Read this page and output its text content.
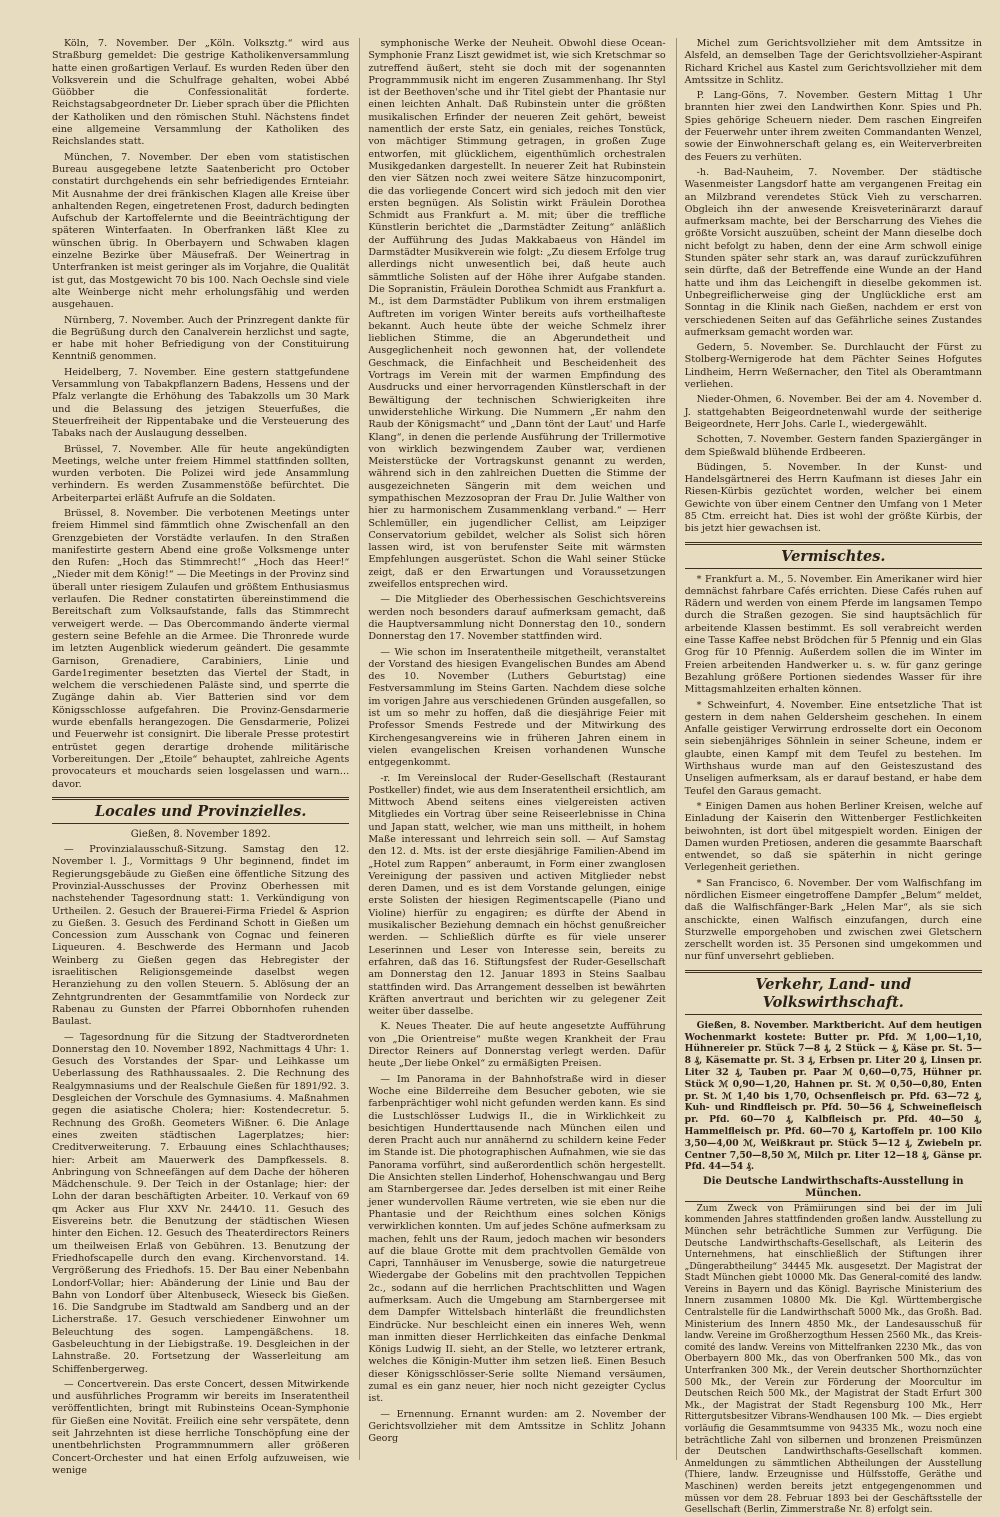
Köln, 7. November. Der „Köln. Volksztg.“ wird aus Straßburg gemeldet: Die gestrige Katholikenversammlung hatte einen großartigen Verlauf. Es wurden Reden über den Volksverein und die Schulfrage gehalten, wobei Abbé Güöbber die Confessionalität forderte. Reichstagsabgeordneter Dr. Lieber sprach über die Pflichten der Katholiken und den römischen Stuhl. Nächstens findet eine allgemeine Versammlung der Katholiken des Reichslandes statt.

München, 7. November. Der eben vom statistischen Bureau ausgegebene letzte Saatenbericht pro October constatirt durchgehends ein sehr befriedigendes Ernteiahr. Mit Ausnahme der drei fränkischen Klagen alle Kreise über anhaltenden Regen, eingetretenen Frost, dadurch bedingten Aufschub der Kartoffelernte und die Beeinträchtigung der späteren Winterfaaten. In Oberfranken läßt Klee zu wünschen übrig. In Oberbayern und Schwaben klagen einzelne Bezirke über Mäusefraß. Der Weinertrag in Unterfranken ist meist geringer als im Vorjahre, die Qualität ist gut, das Mostgewicht 70 bis 100. Nach Oechsle sind viele alte Weinberge nicht mehr erholungsfähig und werden ausgehauen.

Nürnberg, 7. November. Auch der Prinzregent dankte für die Begrüßung durch den Canalverein herzlichst und sagte, er habe mit hoher Befriedigung von der Constituirung Kenntniß genommen.

Heidelberg, 7. November. Eine gestern stattgefundene Versammlung von Tabakpflanzern Badens, Hessens und der Pfalz verlangte die Erhöhung des Tabakzolls um 30 Mark und die Belassung des jetzigen Steuerfußes, die Steuerfreiheit der Rippentabake und die Versteuerung des Tabaks nach der Auslaugung desselben.

Brüssel, 7. November. Alle für heute angekündigten Meetings, welche unter freiem Himmel stattfinden sollten, wurden verboten. Die Polizei wird jede Ansammlung verhindern. Es werden Zusammenstöße befürchtet. Die Arbeiterpartei erläßt Aufrufe an die Soldaten.

Brüssel, 8. November. Die verbotenen Meetings unter freiem Himmel sind fämmtlich ohne Zwischenfall an den Grenzgebieten der Vorstädte verlaufen. In den Straßen manifestirte gestern Abend eine große Volksmenge unter den Rufen: „Hoch das Stimmrecht!“ „Hoch das Heer!“ „Nieder mit dem König!“ — Die Meetings in der Provinz sind überall unter riesigem Zulaufen und größtem Enthusiasmus verlaufen. Die Redner constatirten übereinstimmend die Bereitschaft zum Volksaufstande, falls das Stimmrecht verweigert werde. — Das Obercommando änderte viermal gestern seine Befehle an die Armee. Die Thronrede wurde im letzten Augenblick wiederum geändert. Die gesammte Garnison, Grenadiere, Carabiniers, Linie und Garde1regimenter besetzten das Viertel der Stadt, in welchem die verschiedenen Paläste sind, und sperrte die Zugänge dahin ab. Vier Batterien sind vor dem Königsschlosse aufgefahren. Die Provinz-Gensdarmerie wurde ebenfalls herangezogen. Die Gensdarmerie, Polizei und Feuerwehr ist consignirt. Die liberale Presse protestirt entrüstet gegen derartige drohende militärische Vorbereitungen. Der „Etoile“ behauptet, zahlreiche Agents provocateurs et mouchards seien losgelassen und warn… davor.

Locales und Provinzielles.
Gießen, 8. November 1892.

— Provinzialausschuß-Sitzung. Samstag den 12. November l. J., Vormittags 9 Uhr beginnend, findet im Regierungsgebäude zu Gießen eine öffentliche Sitzung des Provinzial-Ausschusses der Provinz Oberhessen mit nachstehender Tagesordnung statt: 1. Verkündigung von Urtheilen. 2. Gesuch der Brauerei-Firma Friedel & Asprion zu Gießen. 3. Gesuch des Ferdinand Schott in Gießen um Concession zum Ausschank von Cognac und feineren Liqueuren. 4. Beschwerde des Hermann und Jacob Weinberg zu Gießen gegen das Hebregister der israelitischen Religionsgemeinde daselbst wegen Heranziehung zu den vollen Steuern. 5. Ablösung der an Zehntgrundrenten der Gesammtfamilie von Nordeck zur Rabenau zu Gunsten der Pfarrei Obbornhofen ruhenden Baulast.

— Tagesordnung für die Sitzung der Stadtverordneten Donnerstag den 10. November 1892, Nachmittags 4 Uhr: 1. Gesuch des Vorstandes der Spar- und Leihkasse um Ueberlassung des Rathhaussaales. 2. Die Rechnung des Realgymnasiums und der Realschule Gießen für 1891/92. 3. Desgleichen der Vorschule des Gymnasiums. 4. Maßnahmen gegen die asiatische Cholera; hier: Kostendecretur. 5. Rechnung des Großh. Geometers Wißner. 6. Die Anlage eines zweiten städtischen Lagerplatzes; hier: Creditverweiterung. 7. Erbauung eines Schlachthauses; hier: Arbeit am Mauerwerk des Dampfkessels. 8. Anbringung von Schneefängen auf dem Dache der höheren Mädchenschule. 9. Der Teich in der Ostanlage; hier: der Lohn der daran beschäftigten Arbeiter. 10. Verkauf von 69 qm Acker aus Flur XXV Nr. 244⁄10. 11. Gesuch des Eisvereins betr. die Benutzung der städtischen Wiesen hinter den Eichen. 12. Gesuch des Theaterdirectors Reiners um theilweisen Erlaß von Gebühren. 13. Benutzung der Friedhofscapelle durch den evang. Kirchenvorstand. 14. Vergrößerung des Friedhofs. 15. Der Bau einer Nebenbahn Londorf-Vollar; hier: Abänderung der Linie und Bau der Bahn von Londorf über Altenbuseck, Wieseck bis Gießen. 16. Die Sandgrube im Stadtwald am Sandberg und an der Licherstraße. 17. Gesuch verschiedener Einwohner um Beleuchtung des sogen. Lampengäßchens. 18. Gasbeleuchtung in der Liebigstraße. 19. Desgleichen in der Lahnstraße. 20. Fortsetzung der Wasserleitung am Schiffenbergerweg.

— Concertverein. Das erste Concert, dessen Mitwirkende und ausführliches Programm wir bereits im Inseratentheil veröffentlichten, bringt mit Rubinsteins Ocean-Symphonie für Gießen eine Novität. Freilich eine sehr verspätete, denn seit Jahrzehnten ist diese herrliche Tonschöpfung eine der unentbehrlichsten Programmnummern aller größeren Concert-Orchester und hat einen Erfolg aufzuweisen, wie wenige

symphonische Werke der Neuheit. Obwohl diese Ocean-Symphonie Franz Liszt gewidmet ist, wie sich Kretschmar so zutreffend äußert, steht sie doch mit der sogenannten Programmmusik nicht im engeren Zusammenhang. Ihr Styl ist der Beethoven'sche und ihr Titel giebt der Phantasie nur einen leichten Anhalt. Daß Rubinstein unter die größten musikalischen Erfinder der neueren Zeit gehört, beweist namentlich der erste Satz, ein geniales, reiches Tonstück, von mächtiger Stimmung getragen, in großen Zuge entworfen, mit glücklichem, eigenthümlich orchestralen Musikgedanken dargestellt. In neuerer Zeit hat Rubinstein den vier Sätzen noch zwei weitere Sätze hinzucomponirt, die das vorliegende Concert wird sich jedoch mit den vier ersten begnügen. Als Solistin wirkt Fräulein Dorothea Schmidt aus Frankfurt a. M. mit; über die treffliche Künstlerin berichtet die „Darmstädter Zeitung“ anläßlich der Aufführung des Judas Makkabaeus von Händel im Darmstädter Musikverein wie folgt: „Zu diesem Erfolge trug allerdings nicht unwesentlich bei, daß heute auch sämmtliche Solisten auf der Höhe ihrer Aufgabe standen. Die Sopranistin, Fräulein Dorothea Schmidt aus Frankfurt a. M., ist dem Darmstädter Publikum von ihrem erstmaligen Auftreten im vorigen Winter bereits aufs vortheilhafteste bekannt. Auch heute übte der weiche Schmelz ihrer lieblichen Stimme, die an Abgerundetheit und Ausgeglichenheit noch gewonnen hat, der vollendete Geschmack, die Einfachheit und Bescheidenheit des Vortrags im Verein mit der warmen Empfindung des Ausdrucks und einer hervorragenden Künstlerschaft in der Bewältigung der technischen Schwierigkeiten ihre unwiderstehliche Wirkung. Die Nummern „Er nahm den Raub der Königsmacht“ und „Dann tönt der Laut' und Harfe Klang“, in denen die perlende Ausführung der Trillermotive von wirklich bezwingendem Zauber war, verdienen Meisterstücke der Vortragskunst genannt zu werden, während sich in den zahlreichen Duetten die Stimme der ausgezeichneten Sängerin mit dem weichen und sympathischen Mezzosopran der Frau Dr. Julie Walther von hier zu harmonischem Zusammenklang verband.“ — Herr Schlemüller, ein jugendlicher Cellist, am Leipziger Conservatorium gebildet, welcher als Solist sich hören lassen wird, ist von berufenster Seite mit wärmsten Empfehlungen ausgerüstet. Schon die Wahl seiner Stücke zeigt, daß er den Erwartungen und Voraussetzungen zweifellos entsprechen wird.

— Die Mitglieder des Oberhessischen Geschichtsvereins werden noch besonders darauf aufmerksam gemacht, daß die Hauptversammlung nicht Donnerstag den 10., sondern Donnerstag den 17. November stattfinden wird.

— Wie schon im Inseratentheile mitgetheilt, veranstaltet der Vorstand des hiesigen Evangelischen Bundes am Abend des 10. November (Luthers Geburtstag) eine Festversammlung im Steins Garten. Nachdem diese solche im vorigen Jahre aus verschiedenen Gründen ausgefallen, so ist um so mehr zu hoffen, daß die diesjährige Feier mit Professor Smends Festrede und der Mitwirkung des Kirchengesangvereins wie in früheren Jahren einem in vielen evangelischen Kreisen vorhandenen Wunsche entgegenkommt.

-r. Im Vereinslocal der Ruder-Gesellschaft (Restaurant Postkeller) findet, wie aus dem Inseratentheil ersichtlich, am Mittwoch Abend seitens eines vielgereisten activen Mitgliedes ein Vortrag über seine Reiseerlebnisse in China und Japan statt, welcher, wie man uns mittheilt, in hohem Maße interessant und lehrreich sein soll. — Auf Samstag den 12. d. Mts. ist der erste diesjährige Familien-Abend im „Hotel zum Rappen“ anberaumt, in Form einer zwanglosen Vereinigung der passiven und activen Mitglieder nebst deren Damen, und es ist dem Vorstande gelungen, einige erste Solisten der hiesigen Regimentscapelle (Piano und Violine) hierfür zu engagiren; es dürfte der Abend in musikalischer Beziehung demnach ein höchst genußreicher werden. — Schließlich dürfte es für viele unserer Leserinnen und Leser von Interesse sein, bereits zu erfahren, daß das 16. Stiftungsfest der Ruder-Gesellschaft am Donnerstag den 12. Januar 1893 in Steins Saalbau stattfinden wird. Das Arrangement desselben ist bewährten Kräften anvertraut und berichten wir zu gelegener Zeit weiter über dasselbe.

K. Neues Theater. Die auf heute angesetzte Aufführung von „Die Orientreise“ mußte wegen Krankheit der Frau Director Reiners auf Donnerstag verlegt werden. Dafür heute „Der liebe Onkel“ zu ermäßigten Preisen.

— Im Panorama in der Bahnhofstraße wird in dieser Woche eine Bilderreihe dem Besucher geboten, wie sie farbenprächtiger wohl nicht gefunden werden kann. Es sind die Lustschlösser Ludwigs II., die in Wirklichkeit zu besichtigen Hunderttausende nach München eilen und deren Pracht auch nur annähernd zu schildern keine Feder im Stande ist. Die photographischen Aufnahmen, wie sie das Panorama vorführt, sind außerordentlich schön hergestellt. Die Ansichten stellen Linderhof, Hohenschwangau und Berg am Starnbergersee dar. Jedes derselben ist mit einer Reihe jener wundervollen Räume vertreten, wie sie eben nur die Phantasie und der Reichthum eines solchen Königs verwirklichen konnten. Um auf jedes Schöne aufmerksam zu machen, fehlt uns der Raum, jedoch machen wir besonders auf die blaue Grotte mit dem prachtvollen Gemälde von Capri, Tannhäuser im Venusberge, sowie die naturgetreue Wiedergabe der Gobelins mit den prachtvollen Teppichen 2c., sodann auf die herrlichen Prachtschlitten und Wagen aufmerksam. Auch die Umgebung am Starnbergersee mit dem Dampfer Wittelsbach hinterläßt die freundlichsten Eindrücke. Nur beschleicht einen ein inneres Weh, wenn man inmitten dieser Herrlichkeiten das einfache Denkmal Königs Ludwig II. sieht, an der Stelle, wo letzterer ertrank, welches die Königin-Mutter ihm setzen ließ. Einen Besuch dieser Königsschlösser-Serie sollte Niemand versäumen, zumal es ein ganz neuer, hier noch nicht gezeigter Cyclus ist.

— Ernennung. Ernannt wurden: am 2. November der Gerichtsvollzieher mit dem Amtssitze in Schlitz Johann Georg

Michel zum Gerichtsvollzieher mit dem Amtssitze in Alsfeld, an demselben Tage der Gerichtsvollzieher-Aspirant Richard Krichel aus Kastel zum Gerichtsvollzieher mit dem Amtssitze in Schlitz.

P. Lang-Göns, 7. November. Gestern Mittag 1 Uhr brannten hier zwei den Landwirthen Konr. Spies und Ph. Spies gehörige Scheuern nieder. Dem raschen Eingreifen der Feuerwehr unter ihrem zweiten Commandanten Wenzel, sowie der Einwohnerschaft gelang es, ein Weiterverbreiten des Feuers zu verhüten.

-h. Bad-Nauheim, 7. November. Der städtische Wasenmeister Langsdorf hatte am vergangenen Freitag ein an Milzbrand verendetes Stück Vieh zu verscharren. Obgleich ihn der anwesende Kreisveterinärarzt darauf aufmerksam machte, bei der Berscharrung des Viehes die größte Vorsicht auszuüben, scheint der Mann dieselbe doch nicht befolgt zu haben, denn der eine Arm schwoll einige Stunden später sehr stark an, was darauf zurückzuführen sein dürfte, daß der Betreffende eine Wunde an der Hand hatte und ihm das Leichengift in dieselbe gekommen ist. Unbegreiflicherweise ging der Unglückliche erst am Sonntag in die Klinik nach Gießen, nachdem er erst von verschiedenen Seiten auf das Gefährliche seines Zustandes aufmerksam gemacht worden war.

Gedern, 5. November. Se. Durchlaucht der Fürst zu Stolberg-Wernigerode hat dem Pächter Seines Hofgutes Lindheim, Herrn Weßernacher, den Titel als Oberamtmann verliehen.

Nieder-Ohmen, 6. November. Bei der am 4. November d. J. stattgehabten Beigeordnetenwahl wurde der seitherige Beigeordnete, Herr Johs. Carle I., wiedergewählt.

Schotten, 7. November. Gestern fanden Spaziergänger in dem Spießwald blühende Erdbeeren.

Büdingen, 5. November. In der Kunst- und Handelsgärtnerei des Herrn Kaufmann ist dieses Jahr ein Riesen-Kürbis gezüchtet worden, welcher bei einem Gewichte von über einem Centner den Umfang von 1 Meter 85 Ctm. erreicht hat. Dies ist wohl der größte Kürbis, der bis jetzt hier gewachsen ist.

Vermischtes.

* Frankfurt a. M., 5. November. Ein Amerikaner wird hier demnächst fahrbare Cafés errichten. Diese Cafés ruhen auf Rädern und werden von einem Pferde im langsamen Tempo durch die Straßen gezogen. Sie sind hauptsächlich für arbeitende Klassen bestimmt. Es soll verabreicht werden eine Tasse Kaffee nebst Brödchen für 5 Pfennig und ein Glas Grog für 10 Pfennig. Außerdem sollen die im Winter im Freien arbeitenden Handwerker u. s. w. für ganz geringe Bezahlung größere Portionen siedendes Wasser für ihre Mittagsmahlzeiten erhalten können.

* Schweinfurt, 4. November. Eine entsetzliche That ist gestern in dem nahen Geldersheim geschehen. In einem Anfalle geistiger Verwirrung erdrosselte dort ein Oeconom sein siebenjähriges Söhnlein in seiner Scheune, indem er glaubte, einen Kampf mit dem Teufel zu bestehen. Im Wirthshaus wurde man auf den Geisteszustand des Unseligen aufmerksam, als er darauf bestand, er habe dem Teufel den Garaus gemacht.

* Einigen Damen aus hohen Berliner Kreisen, welche auf Einladung der Kaiserin den Wittenberger Festlichkeiten beiwohnten, ist dort übel mitgespielt worden. Einigen der Damen wurden Pretiosen, anderen die gesammte Baarschaft entwendet, so daß sie späterhin in nicht geringe Verlegenheit geriethen.

* San Francisco, 6. November. Der vom Walfischfang im nördlichen Eismeer eingetroffene Dampfer „Belum“ meldet, daß die Walfischfänger-Bark „Helen Mar“, als sie sich anschickte, einen Walfisch einzufangen, durch eine Sturzwelle emporgehoben und zwischen zwei Gletschern zerschellt worden ist. 35 Personen sind umgekommen und nur fünf unversehrt geblieben.

Verkehr, Land- und Volkswirthschaft.

Gießen, 8. November. Marktbericht. Auf dem heutigen Wochenmarkt kostete: Butter pr. Pfd. ℳ 1,00—1,10, Hühnereier pr. Stück 7—8 ₰, 2 Stück — ₰, Käse pr. St. 5—8 ₰, Käsematte pr. St. 3 ₰, Erbsen pr. Liter 20 ₰, Linsen pr. Liter 32 ₰, Tauben pr. Paar ℳ 0,60—0,75, Hühner pr. Stück ℳ 0,90—1,20, Hahnen pr. St. ℳ 0,50—0,80, Enten pr. St. ℳ 1,40 bis 1,70, Ochsenfleisch pr. Pfd. 63—72 ₰, Kuh- und Rindfleisch pr. Pfd. 50—56 ₰, Schweinefleisch pr. Pfd. 60—70 ₰, Kalbfleisch pr. Pfd. 40—50 ₰, Hammelfleisch pr. Pfd. 60—70 ₰, Kartoffeln pr. 100 Kilo 3,50—4,00 ℳ, Weißkraut pr. Stück 5—12 ₰, Zwiebeln pr. Centner 7,50—8,50 ℳ, Milch pr. Liter 12—18 ₰, Gänse pr. Pfd. 44—54 ₰.

Die Deutsche Landwirthschafts-Ausstellung in München.

Zum Zweck von Prämiirungen sind bei der im Juli kommenden Jahres stattfindenden großen landw. Ausstellung zu München sehr beträchtliche Summen zur Verfügung. Die Deutsche Landwirthschafts-Gesellschaft, als Leiterin des Unternehmens, hat einschließlich der Stiftungen ihrer „Düngerabtheilung“ 34445 Mk. ausgesetzt. Der Magistrat der Stadt München giebt 10000 Mk. Das General-comité des landw. Vereins in Bayern und das Königl. Bayrische Ministerium des Innern zusammen 10800 Mk. Die Kgl. Württembergische Centralstelle für die Landwirthschaft 5000 Mk., das Großh. Bad. Ministerium des Innern 4850 Mk., der Landesausschuß für landw. Vereine im Großherzogthum Hessen 2560 Mk., das Kreis-comité des landw. Vereins von Mittelfranken 2230 Mk., das von Oberbayern 800 Mk., das von Oberfranken 500 Mk., das von Unterfranken 300 Mk., der Verein deutscher Shorthornzüchter 500 Mk., der Verein zur Förderung der Moorcultur im Deutschen Reich 500 Mk., der Magistrat der Stadt Erfurt 300 Mk., der Magistrat der Stadt Regensburg 100 Mk., Herr Rittergutsbesitzer Vibrans-Wendhausen 100 Mk. — Dies ergiebt vorläufig die Gesammtsumme von 94335 Mk., wozu noch eine beträchtliche Zahl von silbernen und bronzenen Preismünzen der Deutschen Landwirthschafts-Gesellschaft kommen. Anmeldungen zu sämmtlichen Abtheilungen der Ausstellung (Thiere, landw. Erzeugnisse und Hülfsstoffe, Geräthe und Maschinen) werden bereits jetzt entgegengenommen und müssen vor dem 28. Februar 1893 bei der Geschäftsstelle der Gesellschaft (Berlin, Zimmerstraße Nr. 8) erfolgt sein.
